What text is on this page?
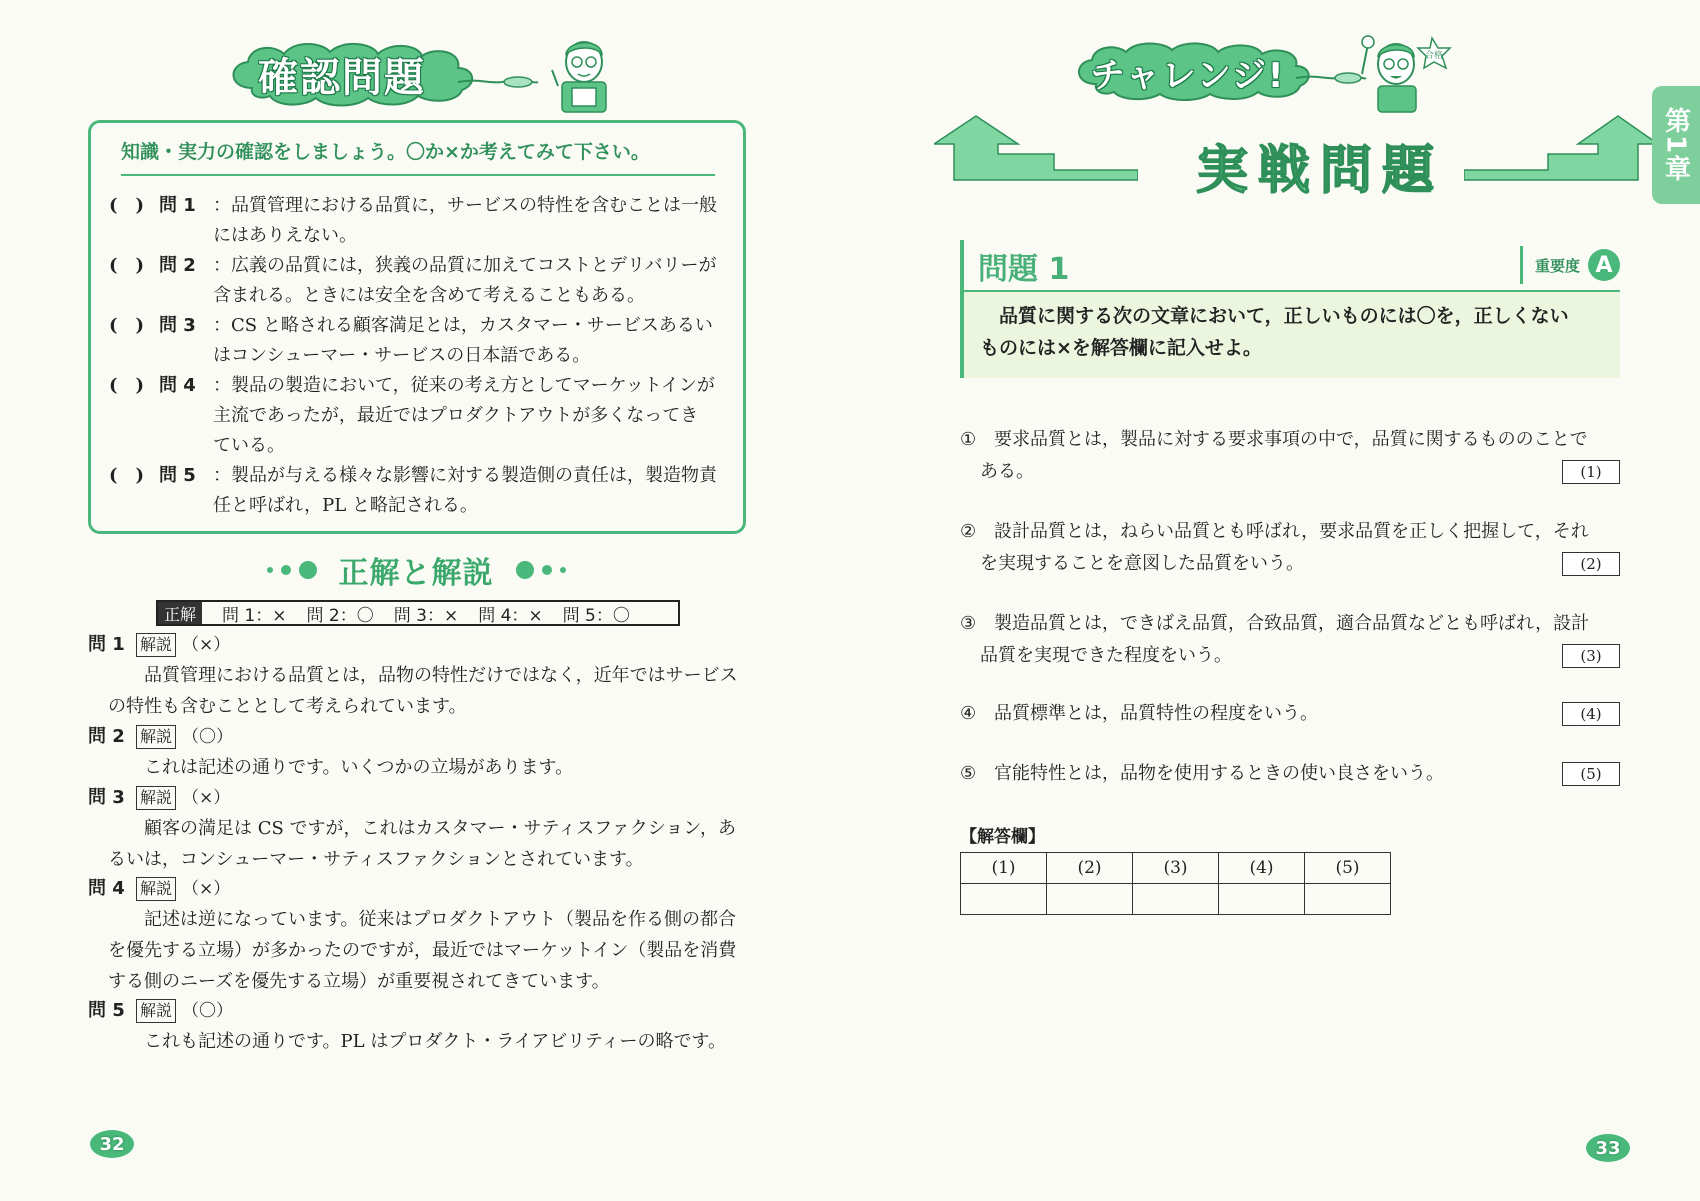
確認問題
知識・実力の確認をしましょう。〇か×か考えてみて下さい。
(　) 問 1 ：品質管理における品質に，サービスの特性を含むことは一般
にはありえない。
(　) 問 2 ：広義の品質には，狭義の品質に加えてコストとデリバリーが
含まれる。ときには安全を含めて考えることもある。
(　) 問 3 ：CS と略される顧客満足とは，カスタマー・サービスあるい
はコンシューマー・サービスの日本語である。
(　) 問 4 ：製品の製造において，従来の考え方としてマーケットインが
主流であったが，最近ではプロダクトアウトが多くなってき
ている。
(　) 問 5 ：製品が与える様々な影響に対する製造側の責任は，製造物責
任と呼ばれ，PL と略記される。
正解と解説
正解	問 1：× 問 2：〇 問 3：× 問 4：× 問 5：〇
問 1 解説 （×）
品質管理における品質とは，品物の特性だけではなく，近年ではサービスの特性も含むこととして考えられています。
問 2 解説 （〇）
これは記述の通りです。いくつかの立場があります。
問 3 解説 （×）
顧客の満足は CS ですが，これはカスタマー・サティスファクション，あるいは，コンシューマー・サティスファクションとされています。
問 4 解説 （×）
記述は逆になっています。従来はプロダクトアウト（製品を作る側の都合を優先する立場）が多かったのですが，最近ではマーケットイン（製品を消費する側のニーズを優先する立場）が重要視されてきています。
問 5 解説 （〇）
これも記述の通りです。PL はプロダクト・ライアビリティーの略です。
32
チャレンジ!	合格
実戦問題	第1章
問題 1	重要度 A
　品質に関する次の文章において，正しいものには〇を，正しくない
ものには×を解答欄に記入せよ。
① 要求品質とは，製品に対する要求事項の中で，品質に関するもののことで
ある。	(1)
② 設計品質とは，ねらい品質とも呼ばれ，要求品質を正しく把握して，それ
を実現することを意図した品質をいう。	(2)
③ 製造品質とは，できばえ品質，合致品質，適合品質などとも呼ばれ，設計
品質を実現できた程度をいう。	(3)
④ 品質標準とは，品質特性の程度をいう。	(4)
⑤ 官能特性とは，品物を使用するときの使い良さをいう。	(5)
【解答欄】
(1)	(2)	(3)	(4)	(5)

33
